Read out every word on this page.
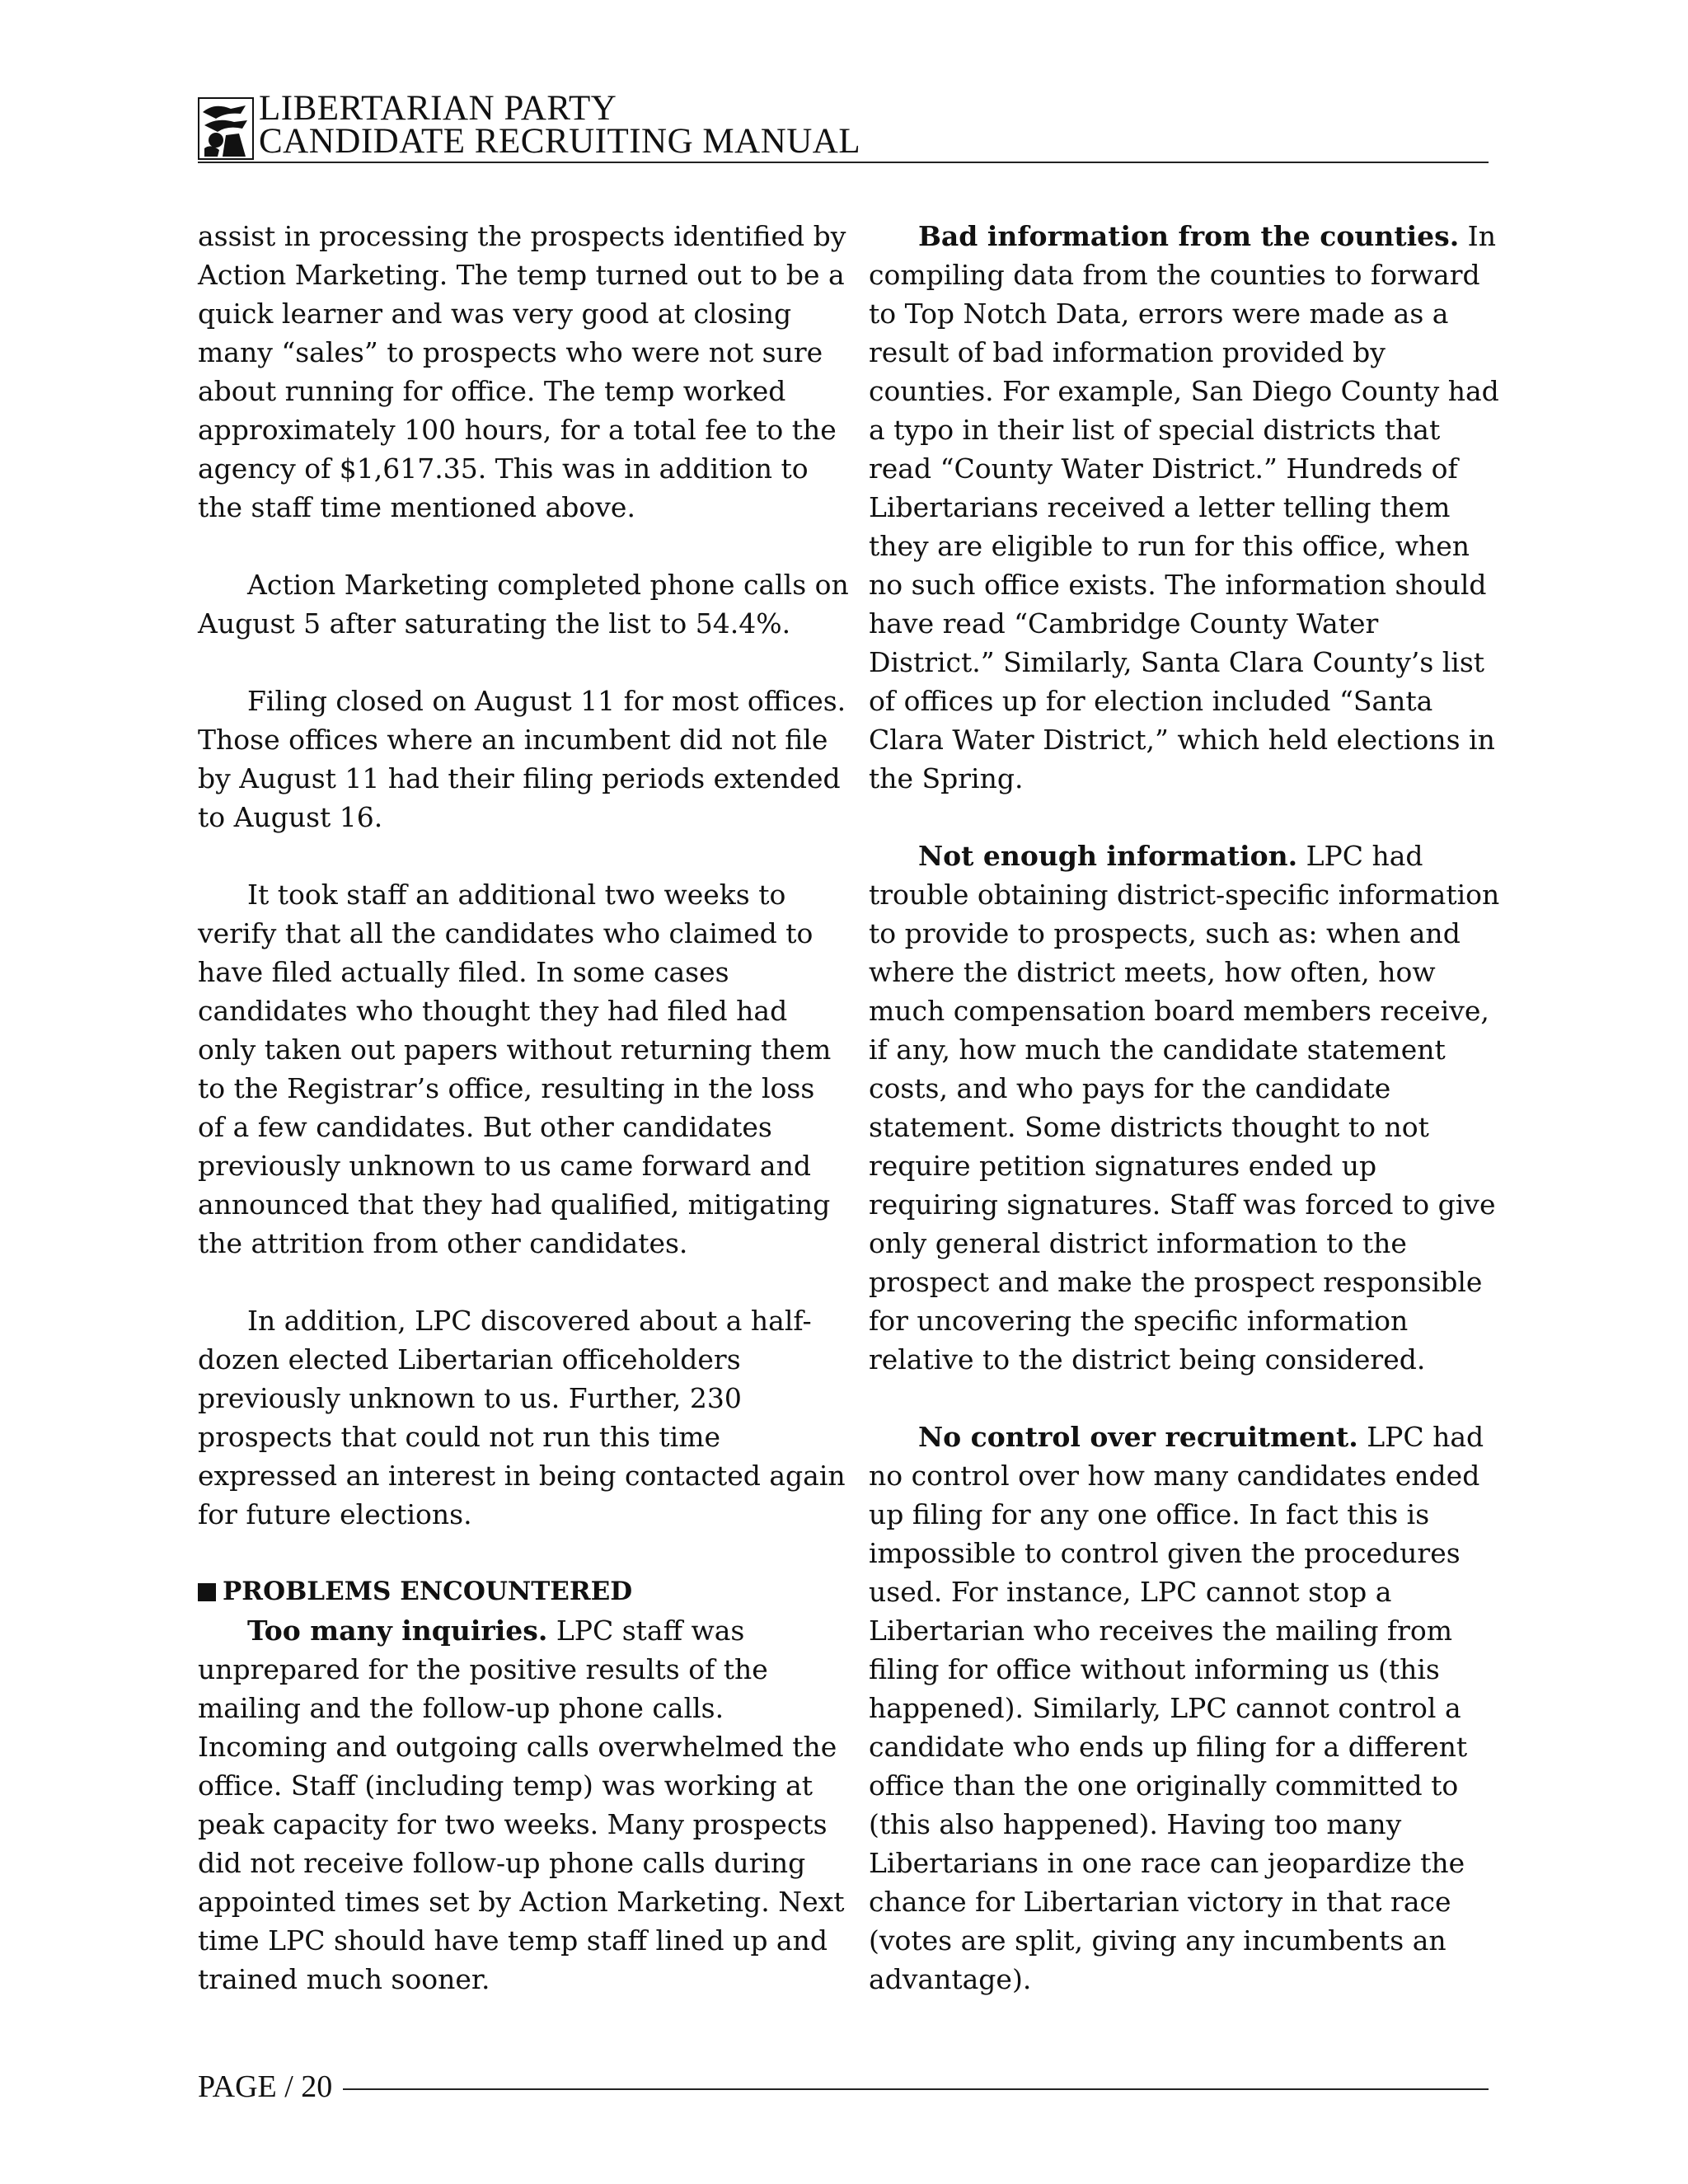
LIBERTARIAN PARTY
CANDIDATE RECRUITING MANUAL

assist in processing the prospects identified by Action Marketing. The temp turned out to be a quick learner and was very good at closing many “sales” to prospects who were not sure about running for office. The temp worked approximately 100 hours, for a total fee to the agency of $1,617.35. This was in addition to the staff time mentioned above.

Action Marketing completed phone calls on August 5 after saturating the list to 54.4%.

Filing closed on August 11 for most offices. Those offices where an incumbent did not file by August 11 had their filing periods extended to August 16.

It took staff an additional two weeks to verify that all the candidates who claimed to have filed actually filed. In some cases candidates who thought they had filed had only taken out papers without returning them to the Registrar’s office, resulting in the loss of a few candidates. But other candidates previously unknown to us came forward and announced that they had qualified, mitigating the attrition from other candidates.

In addition, LPC discovered about a half-dozen elected Libertarian officeholders previously unknown to us. Further, 230 prospects that could not run this time expressed an interest in being contacted again for future elections.

PROBLEMS ENCOUNTERED

Too many inquiries. LPC staff was unprepared for the positive results of the mailing and the follow-up phone calls. Incoming and outgoing calls overwhelmed the office. Staff (including temp) was working at peak capacity for two weeks. Many prospects did not receive follow-up phone calls during appointed times set by Action Marketing. Next time LPC should have temp staff lined up and trained much sooner.

Bad information from the counties. In compiling data from the counties to forward to Top Notch Data, errors were made as a result of bad information provided by counties. For example, San Diego County had a typo in their list of special districts that read “County Water District.” Hundreds of Libertarians received a letter telling them they are eligible to run for this office, when no such office exists. The information should have read “Cambridge County Water District.” Similarly, Santa Clara County’s list of offices up for election included “Santa Clara Water District,” which held elections in the Spring.

Not enough information. LPC had trouble obtaining district-specific information to provide to prospects, such as: when and where the district meets, how often, how much compensation board members receive, if any, how much the candidate statement costs, and who pays for the candidate statement. Some districts thought to not require petition signatures ended up requiring signatures. Staff was forced to give only general district information to the prospect and make the prospect responsible for uncovering the specific information relative to the district being considered.

No control over recruitment. LPC had no control over how many candidates ended up filing for any one office. In fact this is impossible to control given the procedures used. For instance, LPC cannot stop a Libertarian who receives the mailing from filing for office without informing us (this happened). Similarly, LPC cannot control a candidate who ends up filing for a different office than the one originally committed to (this also happened). Having too many Libertarians in one race can jeopardize the chance for Libertarian victory in that race (votes are split, giving any incumbents an advantage).

PAGE / 20
